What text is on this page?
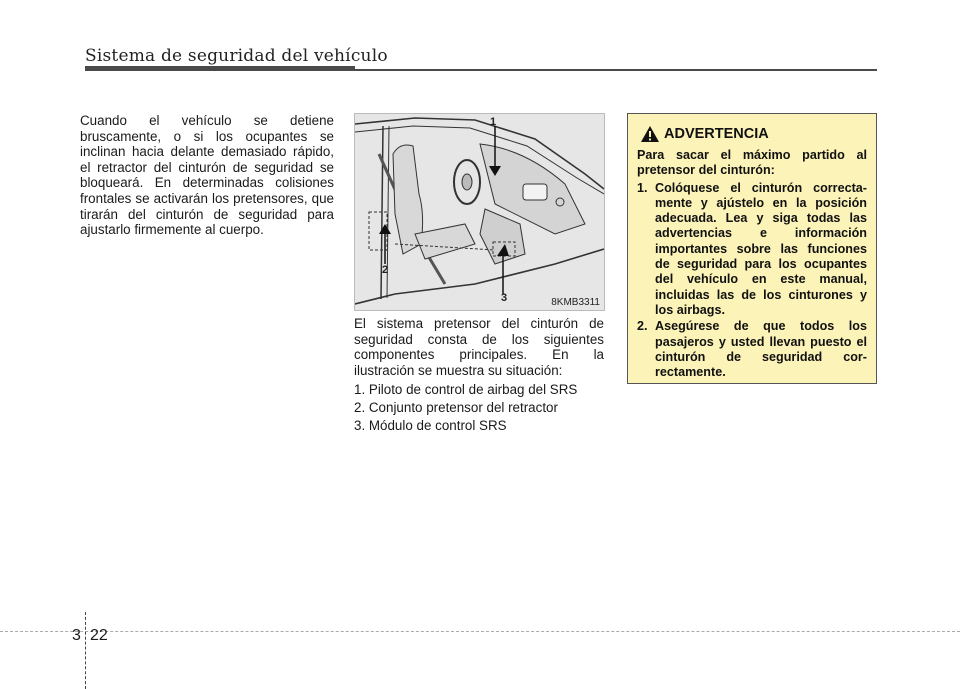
Sistema de seguridad del vehículo
Cuando el vehículo se detiene bruscamente, o si los ocupantes se inclinan hacia delante demasiado rápido, el retractor del cinturón de seguridad se bloqueará. En determinadas colisiones frontales se activarán los pretensores, que tirarán del cinturón de seguridad para ajustarlo firmemente al cuerpo.
1
2
3	8KMB3311

El sistema pretensor del cinturón de seguridad consta de los siguientes componentes principales. En la ilustración se muestra su situación:

1. Piloto de control de airbag del SRS
2. Conjunto pretensor del retractor
3. Módulo de control SRS
ADVERTENCIA

Para sacar el máximo partido al pretensor del cinturón:

1. Colóquese el cinturón correcta-mente y ajústelo en la posición adecuada. Lea y siga todas las advertencias e información importantes sobre las funciones de seguridad para los ocupantes del vehículo en este manual, incluidas las de los cinturones y los airbags.
2. Asegúrese de que todos los pasajeros y usted llevan puesto el cinturón de seguridad cor-rectamente.
3 22
